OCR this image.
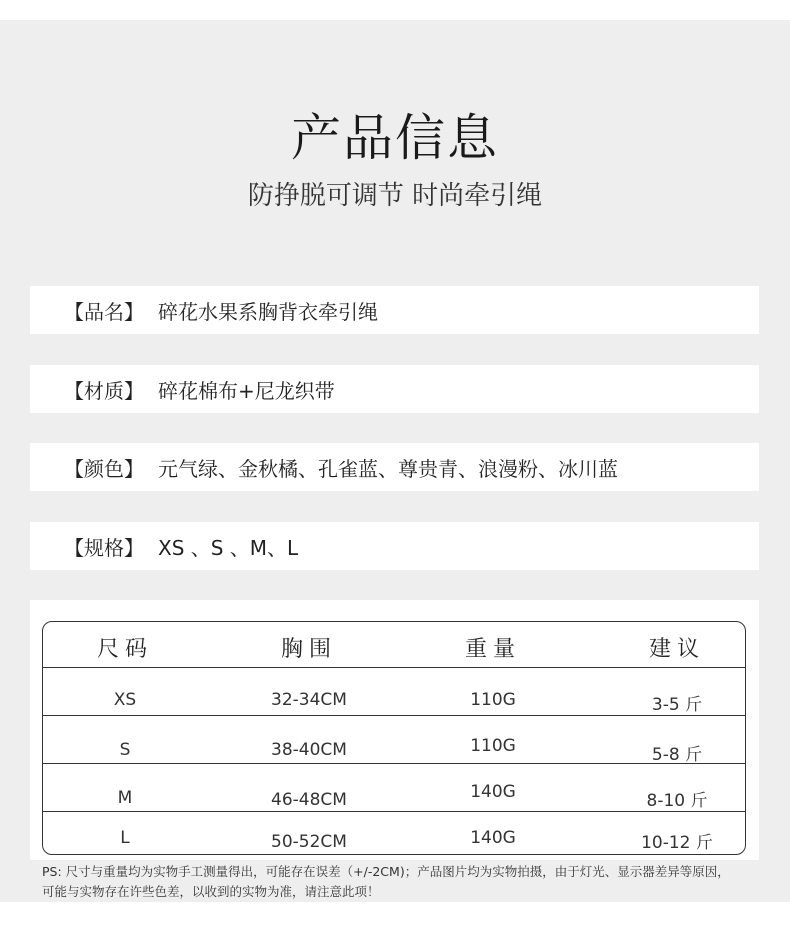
产品信息
防挣脱可调节 时尚牵引绳
【品名】 碎花水果系胸背衣牵引绳
【材质】 碎花棉布+尼龙织带
【颜色】 元气绿、金秋橘、孔雀蓝、尊贵青、浪漫粉、冰川蓝
【规格】 XS 、S 、M、L
尺码	胸围	重量	建议
XS	32-34CM	110G	3-5 斤
S	38-40CM	110G	5-8 斤
M	46-48CM	140G	8-10 斤
L	50-52CM	140G	10-12 斤
PS: 尺寸与重量均为实物手工测量得出，可能存在误差（+/-2CM)；产品图片均为实物拍摄，由于灯光、显示器差异等原因，
可能与实物存在许些色差，以收到的实物为准，请注意此项！
